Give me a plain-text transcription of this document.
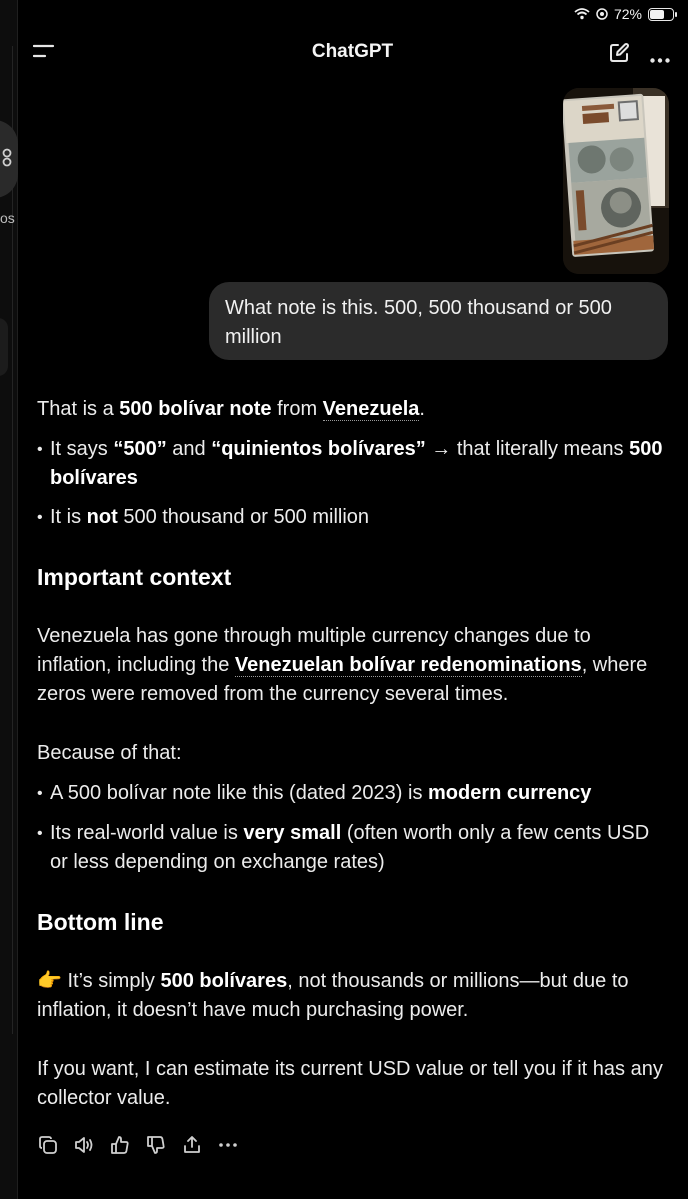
os
72%
ChatGPT
What note is this. 500, 500 thousand or 500 million

That is a 500 bolívar note from Venezuela.

• It says “500” and “quinientos bolívares” → that literally means 500 bolívares

• It is not 500 thousand or 500 million

Important context

Venezuela has gone through multiple currency changes due to inflation, including the Venezuelan bolívar redenominations, where zeros were removed from the currency several times.

Because of that:

• A 500 bolívar note like this (dated 2023) is modern currency

• Its real-world value is very small (often worth only a few cents USD or less depending on exchange rates)

Bottom line

👉 It’s simply 500 bolívares, not thousands or millions—but due to inflation, it doesn’t have much purchasing power.

If you want, I can estimate its current USD value or tell you if it has any collector value.
